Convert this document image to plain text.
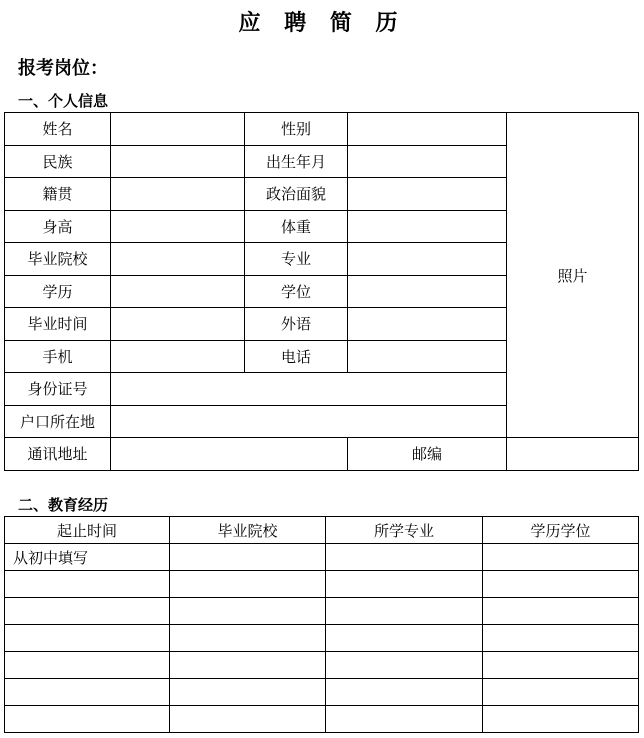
应 聘 简 历
报考岗位：
一、个人信息
姓名		性别		照片
民族		出生年月		
籍贯		政治面貌		
身高		体重		
毕业院校		专业		
学历		学位		
毕业时间		外语		
手机		电话		
身份证号				
户口所在地				
通讯地址			邮编	
二、教育经历
起止时间	毕业院校	所学专业	学历学位
从初中填写			
